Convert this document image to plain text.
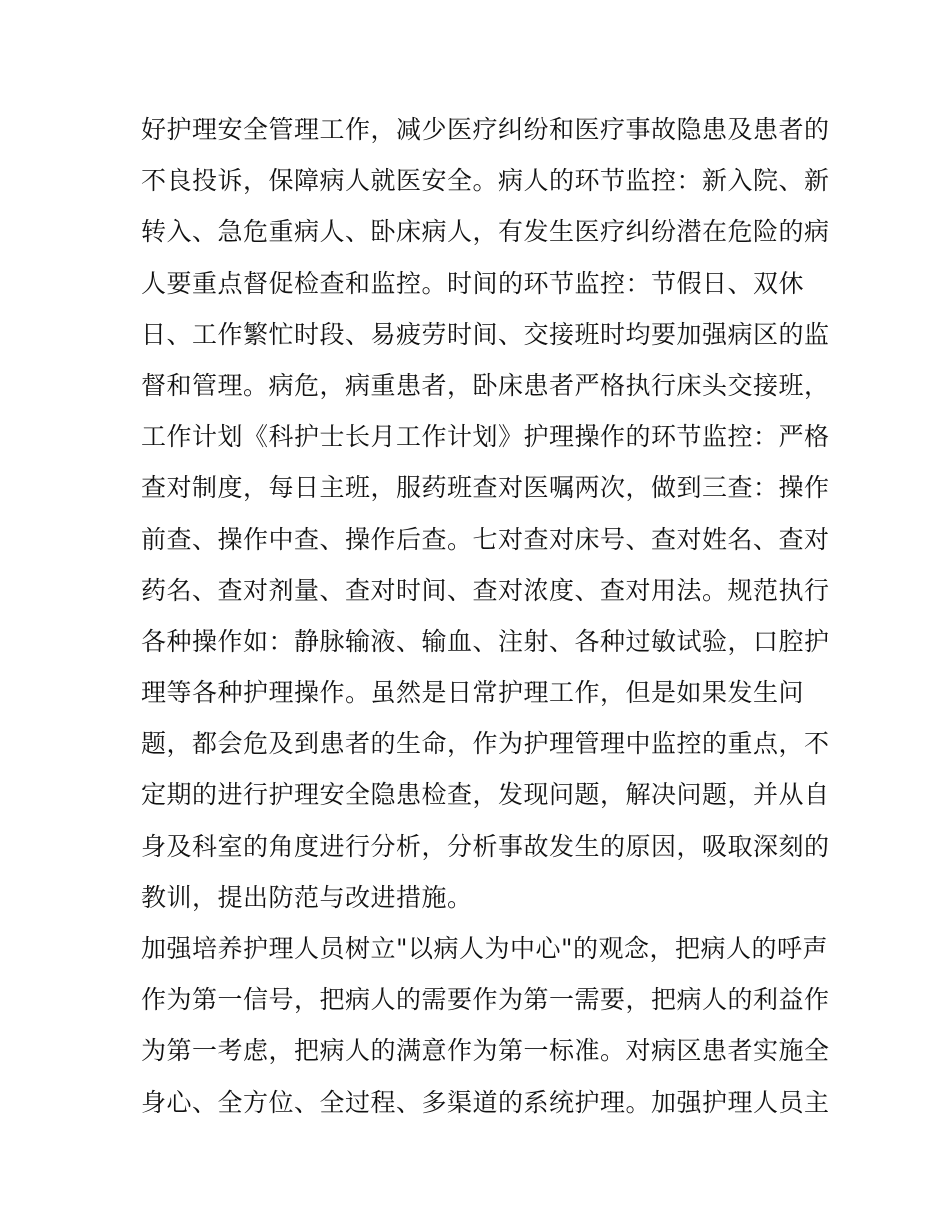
好护理安全管理工作，减少医疗纠纷和医疗事故隐患及患者的
不良投诉，保障病人就医安全。病人的环节监控：新入院、新
转入、急危重病人、卧床病人，有发生医疗纠纷潜在危险的病
人要重点督促检查和监控。时间的环节监控：节假日、双休
日、工作繁忙时段、易疲劳时间、交接班时均要加强病区的监
督和管理。病危，病重患者，卧床患者严格执行床头交接班，
工作计划《科护士长月工作计划》护理操作的环节监控：严格
查对制度，每日主班，服药班查对医嘱两次，做到三查：操作
前查、操作中查、操作后查。七对查对床号、查对姓名、查对
药名、查对剂量、查对时间、查对浓度、查对用法。规范执行
各种操作如：静脉输液、输血、注射、各种过敏试验，口腔护
理等各种护理操作。虽然是日常护理工作，但是如果发生问
题，都会危及到患者的生命，作为护理管理中监控的重点，不
定期的进行护理安全隐患检查，发现问题，解决问题，并从自
身及科室的角度进行分析，分析事故发生的原因，吸取深刻的
教训，提出防范与改进措施。
加强培养护理人员树立"以病人为中心"的观念，把病人的呼声
作为第一信号，把病人的需要作为第一需要，把病人的利益作
为第一考虑，把病人的满意作为第一标准。对病区患者实施全
身心、全方位、全过程、多渠道的系统护理。加强护理人员主
